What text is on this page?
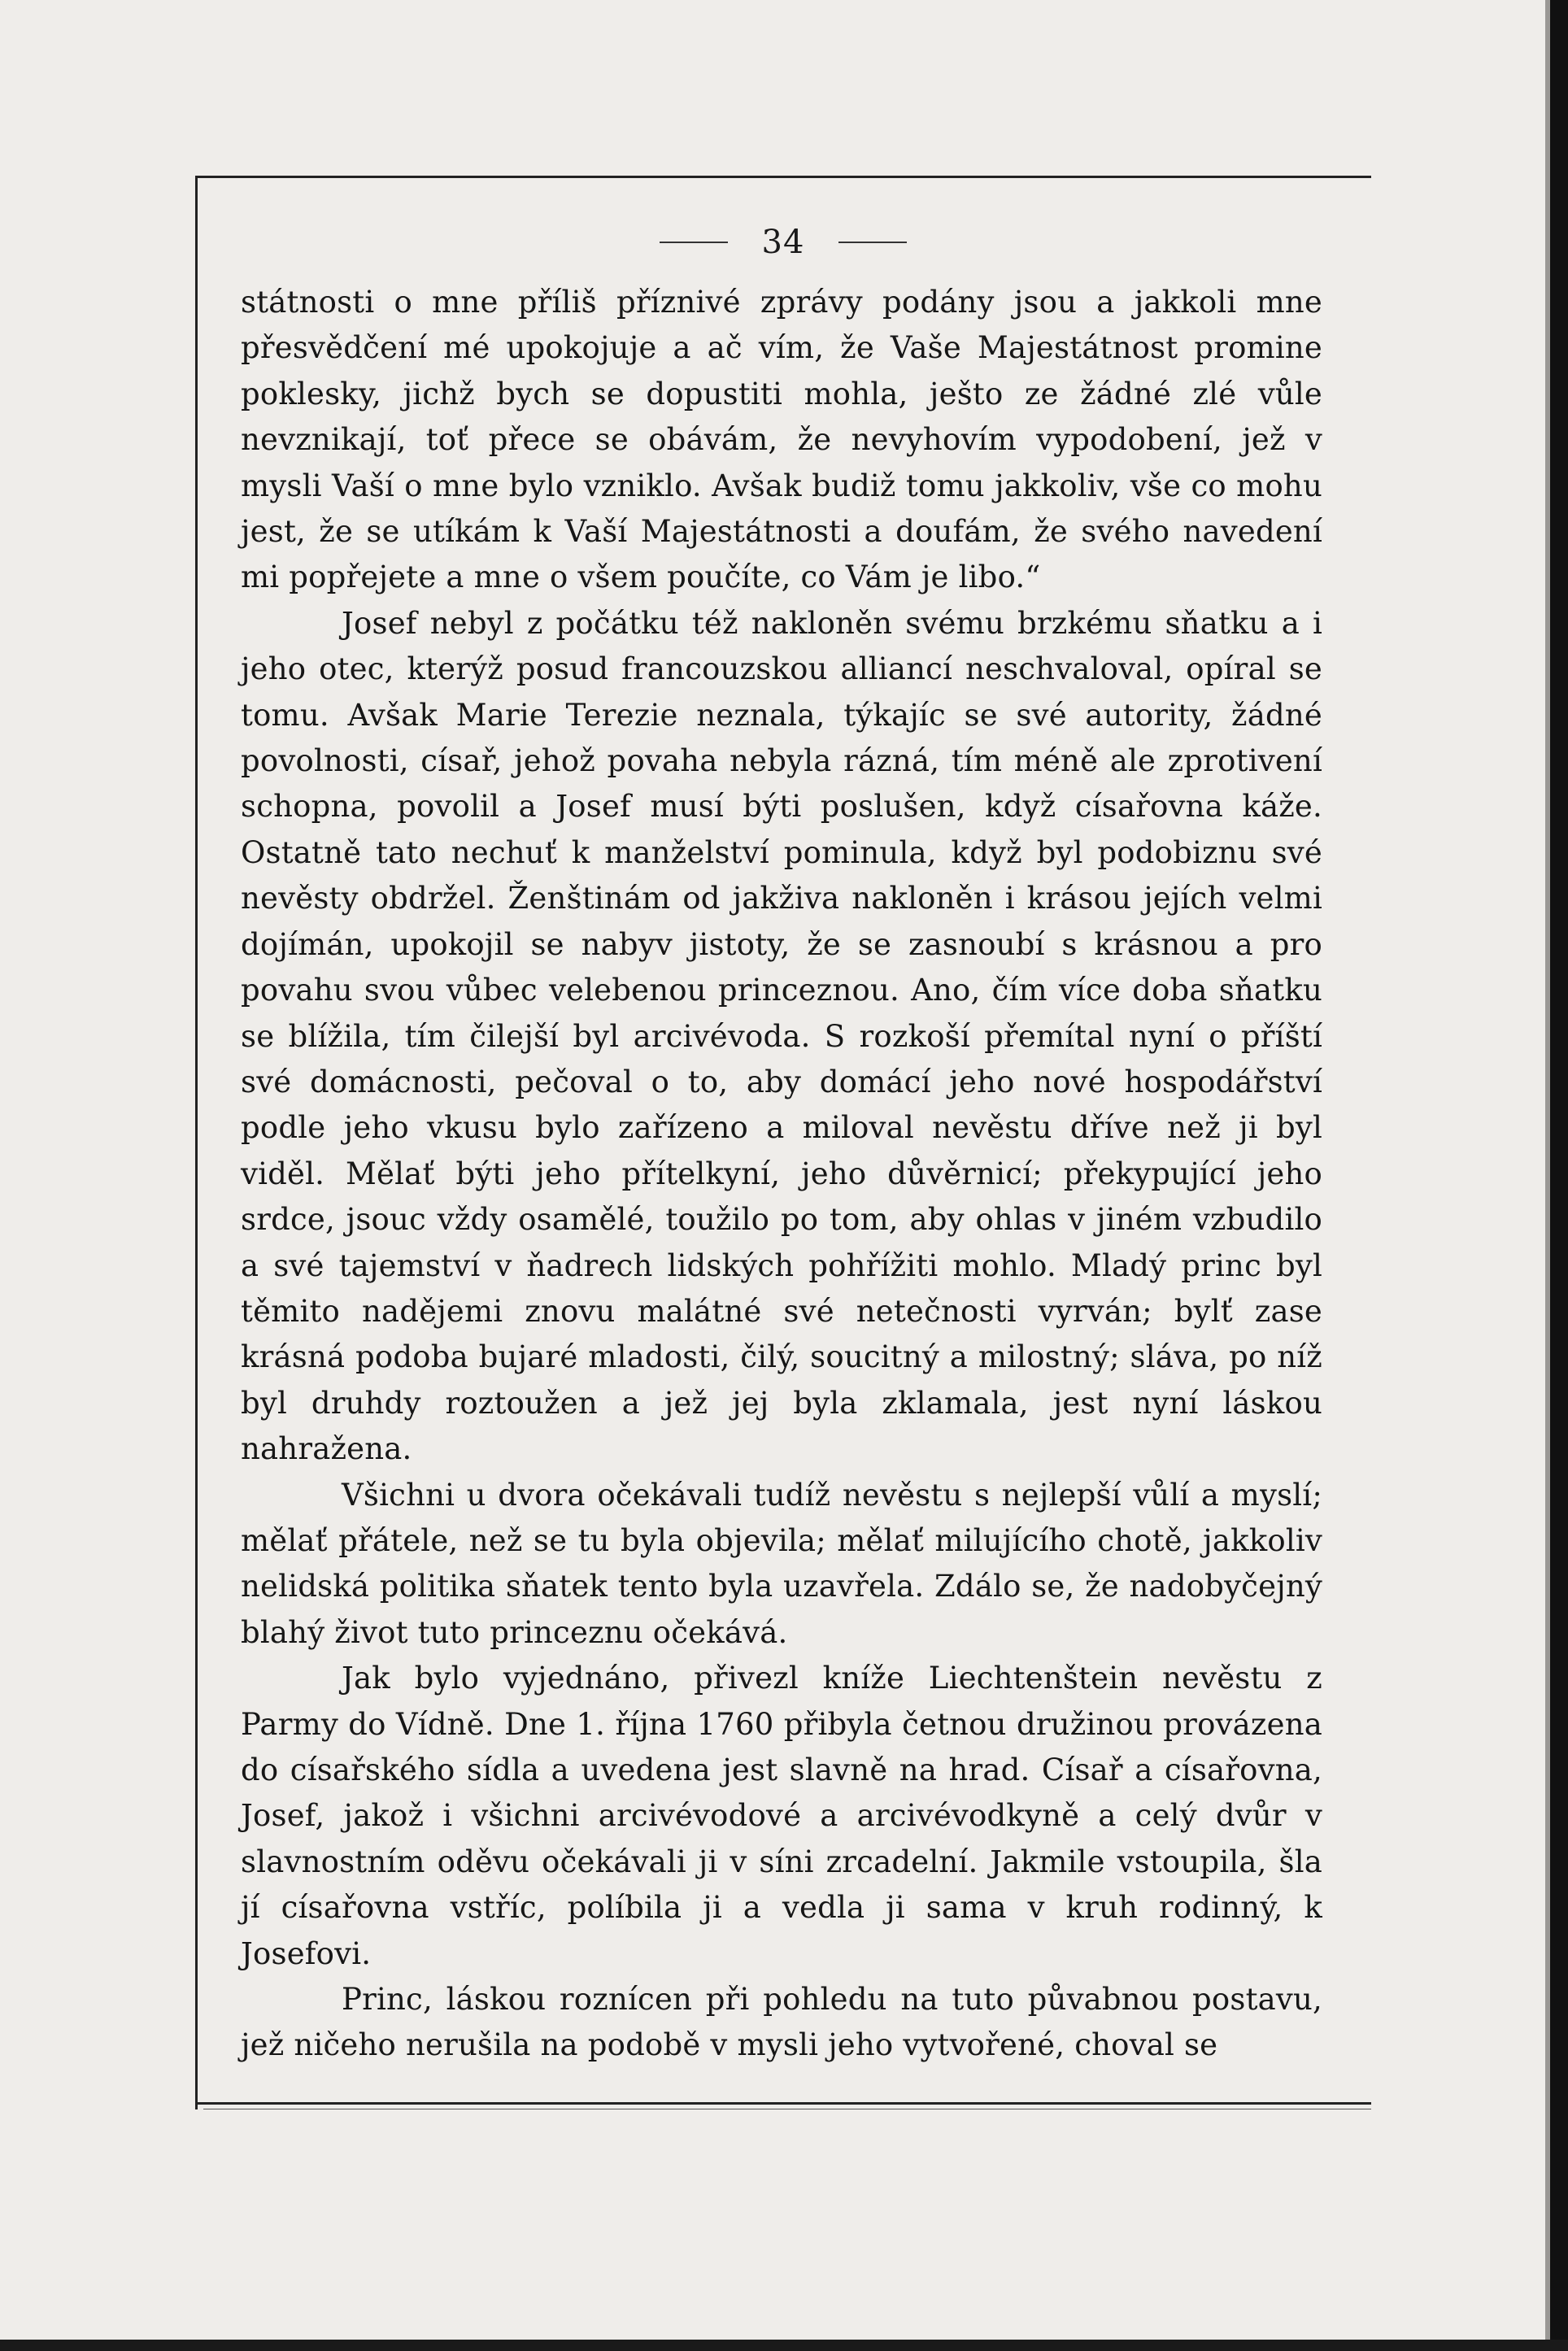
34

státnosti o mne příliš příznivé zprávy podány jsou a jakkoli mne přesvědčení mé upokojuje a ač vím, že Vaše Majestátnost promine poklesky, jichž bych se dopustiti mohla, ješto ze žádné zlé vůle nevznikají, toť přece se obávám, že nevyhovím vypodobení, jež v mysli Vaší o mne bylo vzniklo. Avšak budiž tomu jakkoliv, vše co mohu jest, že se utíkám k Vaší Majestátnosti a doufám, že svého navedení mi popřejete a mne o všem poučíte, co Vám je libo.“

Josef nebyl z počátku též nakloněn svému brzkému sňatku a i jeho otec, kterýž posud francouzskou alliancí neschvaloval, opíral se tomu. Avšak Marie Terezie neznala, týkajíc se své autority, žádné povolnosti, císař, jehož povaha nebyla rázná, tím méně ale zprotivení schopna, povolil a Josef musí býti poslušen, když císařovna káže. Ostatně tato nechuť k manželství pominula, když byl podobiznu své nevěsty obdržel. Ženštinám od jakživa nakloněn i krásou jejích velmi dojímán, upokojil se nabyv jistoty, že se zasnoubí s krásnou a pro povahu svou vůbec velebenou princeznou. Ano, čím více doba sňatku se blížila, tím čilejší byl arcivévoda. S rozkoší přemítal nyní o příští své domácnosti, pečoval o to, aby domácí jeho nové hospodářství podle jeho vkusu bylo zařízeno a miloval nevěstu dříve než ji byl viděl. Mělať býti jeho přítelkyní, jeho důvěrnicí; překypující jeho srdce, jsouc vždy osamělé, toužilo po tom, aby ohlas v jiném vzbudilo a své tajemství v ňadrech lidských pohřížiti mohlo. Mladý princ byl těmito nadějemi znovu malátné své netečnosti vyrván; bylť zase krásná podoba bujaré mladosti, čilý, soucitný a milostný; sláva, po níž byl druhdy roztoužen a jež jej byla zklamala, jest nyní láskou nahražena.

Všichni u dvora očekávali tudíž nevěstu s nejlepší vůlí a myslí; mělať přátele, než se tu byla objevila; mělať milujícího chotě, jakkoliv nelidská politika sňatek tento byla uzavřela. Zdálo se, že nadobyčejný blahý život tuto princeznu očekává.

Jak bylo vyjednáno, přivezl kníže Liechtenštein nevěstu z Parmy do Vídně. Dne 1. října 1760 přibyla četnou družinou provázena do císařského sídla a uvedena jest slavně na hrad. Císař a císařovna, Josef, jakož i všichni arcivévodové a arcivévodkyně a celý dvůr v slavnostním oděvu očekávali ji v síni zrcadelní. Jakmile vstoupila, šla jí císařovna vstříc, políbila ji a vedla ji sama v kruh rodinný, k Josefovi.

Princ, láskou roznícen při pohledu na tuto půvabnou postavu, jež ničeho nerušila na podobě v mysli jeho vytvořené, choval se
